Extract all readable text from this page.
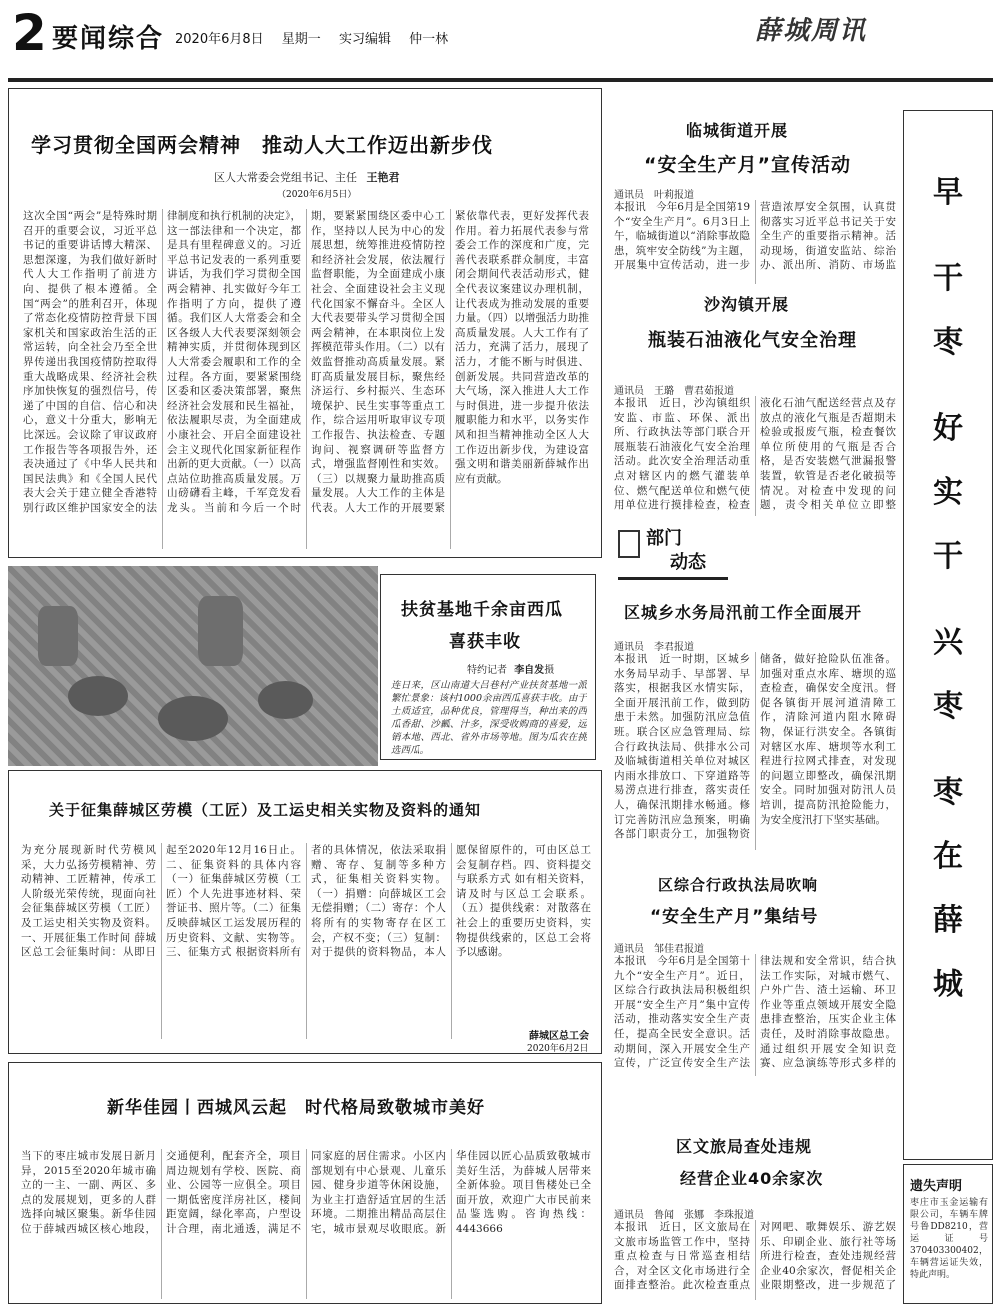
2 要闻综合 2020年6月8日 星期一 实习编辑 仲一林	薛城周讯
学习贯彻全国两会精神　推动人大工作迈出新步伐
区人大常委会党组书记、主任 王艳君
（2020年6月5日）
这次全国“两会”是特殊时期召开的重要会议，习近平总书记的重要讲话博大精深、思想深邃，为我们做好新时代人大工作指明了前进方向、提供了根本遵循。全国“两会”的胜利召开，体现了常态化疫情防控背景下国家机关和国家政治生活的正常运转，向全社会乃至全世界传递出我国疫情防控取得重大战略成果、经济社会秩序加快恢复的强烈信号，传递了中国的自信、信心和决心，意义十分重大，影响无比深远。会议除了审议政府工作报告等各项报告外，还表决通过了《中华人民共和国民法典》和《全国人民代表大会关于建立健全香港特别行政区维护国家安全的法律制度和执行机制的决定》，这一部法律和一个决定，都是具有里程碑意义的。习近平总书记发表的一系列重要讲话，为我们学习贯彻全国两会精神、扎实做好今年工作指明了方向，提供了遵循。我们区人大常委会和全区各级人大代表要深刻领会精神实质，并贯彻体现到区人大常委会履职和工作的全过程。各方面，要紧紧围绕区委和区委决策部署，聚焦经济社会发展和民生福祉，依法履职尽责，为全面建成小康社会、开启全面建设社会主义现代化国家新征程作出新的更大贡献。（一）以高点站位助推高质量发展。万山磅礴看主峰，千军竞发看龙头。当前和今后一个时期，要紧紧围绕区委中心工作，坚持以人民为中心的发展思想，统筹推进疫情防控和经济社会发展，依法履行监督职能，为全面建成小康社会、全面建设社会主义现代化国家不懈奋斗。全区人大代表要带头学习贯彻全国两会精神，在本职岗位上发挥模范带头作用。（二）以有效监督推动高质量发展。紧盯高质量发展目标，聚焦经济运行、乡村振兴、生态环境保护、民生实事等重点工作，综合运用听取审议专项工作报告、执法检查、专题询问、视察调研等监督方式，增强监督刚性和实效。（三）以规聚力量助推高质量发展。人大工作的主体是代表。人大工作的开展要紧紧依靠代表，更好发挥代表作用。着力拓展代表参与常委会工作的深度和广度，完善代表联系群众制度，丰富闭会期间代表活动形式，健全代表议案建议办理机制，让代表成为推动发展的重要力量。（四）以增强活力助推高质量发展。人大工作有了活力，充满了活力，展现了活力，才能不断与时俱进、创新发展。共同营造改革的大气场，深入推进人大工作与时俱进，进一步提升依法履职能力和水平，以务实作风和担当精神推动全区人大工作迈出新步伐，为建设富强文明和谐美丽新薛城作出应有贡献。
临城街道开展
“安全生产月”宣传活动
通讯员　叶莉报道
本报讯　今年6月是全国第19个“安全生产月”。6月3日上午，临城街道以“消除事故隐患，筑牢安全防线”为主题，开展集中宣传活动，进一步营造浓厚安全氛围，认真贯彻落实习近平总书记关于安全生产的重要指示精神。活动现场，街道安监站、综治办、派出所、消防、市场监
沙沟镇开展
瓶装石油液化气安全治理
通讯员　王璐　曹君茹报道
本报讯　近日，沙沟镇组织安监、市监、环保、派出所、行政执法等部门联合开展瓶装石油液化气安全治理活动。此次安全治理活动重点对辖区内的燃气灌装单位、燃气配送单位和燃气使用单位进行摸排检查，检查液化石油气配送经营点及存放点的液化气瓶是否超期未检验或报废气瓶，检查餐饮单位所使用的气瓶是否合格，是否安装燃气泄漏报警装置，软管是否老化破损等情况。对检查中发现的问题，责令相关单位立即整
部门
动态
区城乡水务局汛前工作全面展开
通讯员　李君报道
本报讯　近一时期，区城乡水务局早动手、早部署、早落实，根据我区水情实际，全面开展汛前工作，做到防患于未然。加强防汛应急值班。联合区应急管理局、综合行政执法局、供排水公司及临城街道相关单位对城区内雨水排放口、下穿道路等易涝点进行排查，落实责任人，确保汛期排水畅通。修订完善防汛应急预案，明确各部门职责分工，加强物资储备，做好抢险队伍准备。加强对重点水库、塘坝的巡查检查，确保安全度汛。督促各镇街开展河道清障工作，清除河道内阻水障碍物，保证行洪安全。各镇街对辖区水库、塘坝等水利工程进行拉网式排查，对发现的问题立即整改，确保汛期安全。同时加强对防汛人员培训，提高防汛抢险能力，为安全度汛打下坚实基础。
区综合行政执法局吹响
“安全生产月”集结号
通讯员　邹佳君报道
本报讯　今年6月是全国第十九个“安全生产月”。近日，区综合行政执法局积极组织开展“安全生产月”集中宣传活动，推动落实安全生产责任，提高全民安全意识。活动期间，深入开展安全生产宣传，广泛宣传安全生产法律法规和安全常识，结合执法工作实际，对城市燃气、户外广告、渣土运输、环卫作业等重点领域开展安全隐患排查整治，压实企业主体责任，及时消除事故隐患。通过组织开展安全知识竞赛、应急演练等形式多样的
区文旅局查处违规
经营企业40余家次
通讯员　鲁闻　张娜　李珠报道
本报讯　近日，区文旅局在文旅市场监管工作中，坚持重点检查与日常巡查相结合，对全区文化市场进行全面排查整治。此次检查重点对网吧、歌舞娱乐、游艺娱乐、印刷企业、旅行社等场所进行检查，查处违规经营企业40余家次，督促相关企业限期整改，进一步规范了
早
干
枣
好
实
干
兴
枣
枣
在
薛
城
遗失声明
枣庄市玉金运输有限公司，车辆车牌号鲁DD8210，营运证号370403300402，车辆营运证失效，特此声明。
扶贫基地千余亩西瓜
喜获丰收
特约记者 李自发摄
连日来，区山南道大吕巷村产业扶贫基地一派繁忙景象：该村1000余亩西瓜喜获丰收。由于土质适宜，品种优良，管理得当，种出来的西瓜香甜、沙瓤、汁多，深受收购商的喜爱，远销本地、西北、省外市场等地。图为瓜农在挑选西瓜。
关于征集薛城区劳模（工匠）及工运史相关实物及资料的通知
为充分展现新时代劳模风采，大力弘扬劳模精神、劳动精神、工匠精神，传承工人阶级光荣传统，现面向社会征集薛城区劳模（工匠）及工运史相关实物及资料。一、开展征集工作时间 薛城区总工会征集时间：从即日起至2020年12月16日止。二、征集资料的具体内容 （一）征集薛城区劳模（工匠）个人先进事迹材料、荣誉证书、照片等。（二）征集反映薛城区工运发展历程的历史资料、文献、实物等。三、征集方式 根据资料所有者的具体情况，依法采取捐赠、寄存、复制等多种方式，征集相关资料实物。（一）捐赠：向薛城区工会无偿捐赠；（二）寄存：个人将所有的实物寄存在区工会，产权不变；（三）复制：对于提供的资料物品，本人愿保留原件的，可由区总工会复制存档。四、资料提交与联系方式 如有相关资料，请及时与区总工会联系。（五）提供线索：对散落在社会上的重要历史资料，实物提供线索的，区总工会将予以感谢。
薛城区总工会
2020年6月2日
新华佳园丨西城风云起　时代格局致敬城市美好
当下的枣庄城市发展日新月异，2015至2020年城市确立的一主、一副、两区、多点的发展规划，更多的人群选择向城区聚集。新华佳园位于薛城西城区核心地段，交通便利，配套齐全，项目周边规划有学校、医院、商业、公园等一应俱全。项目一期低密度洋房社区，楼间距宽阔，绿化率高，户型设计合理，南北通透，满足不同家庭的居住需求。小区内部规划有中心景观、儿童乐园、健身步道等休闲设施，为业主打造舒适宜居的生活环境。二期推出精品高层住宅，城市景观尽收眼底。新华佳园以匠心品质致敬城市美好生活，为薛城人居带来全新体验。项目售楼处已全面开放，欢迎广大市民前来品鉴选购。咨询热线：4443666
